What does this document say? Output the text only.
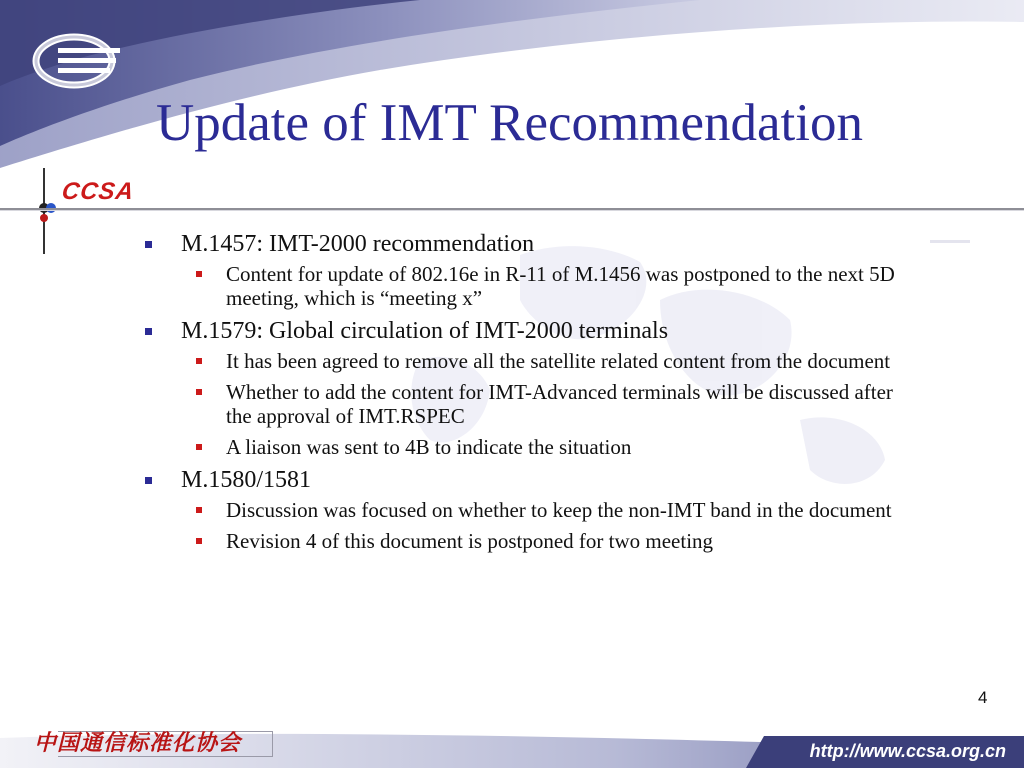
CCSA
Update of IMT Recommendation
M.1457: IMT-2000 recommendation
Content for update of 802.16e in R-11 of M.1456 was postponed to the next 5D meeting, which is “meeting x”
M.1579: Global circulation of IMT-2000 terminals
It has been agreed to remove all the satellite related content from the document
Whether to add the content for IMT-Advanced terminals will be discussed after the approval of IMT.RSPEC
A liaison was sent to 4B to indicate the situation
M.1580/1581
Discussion was focused on whether to keep the non-IMT band in the document
Revision 4 of this document is postponed for two meeting
4
中国通信标准化协会	http://www.ccsa.org.cn
